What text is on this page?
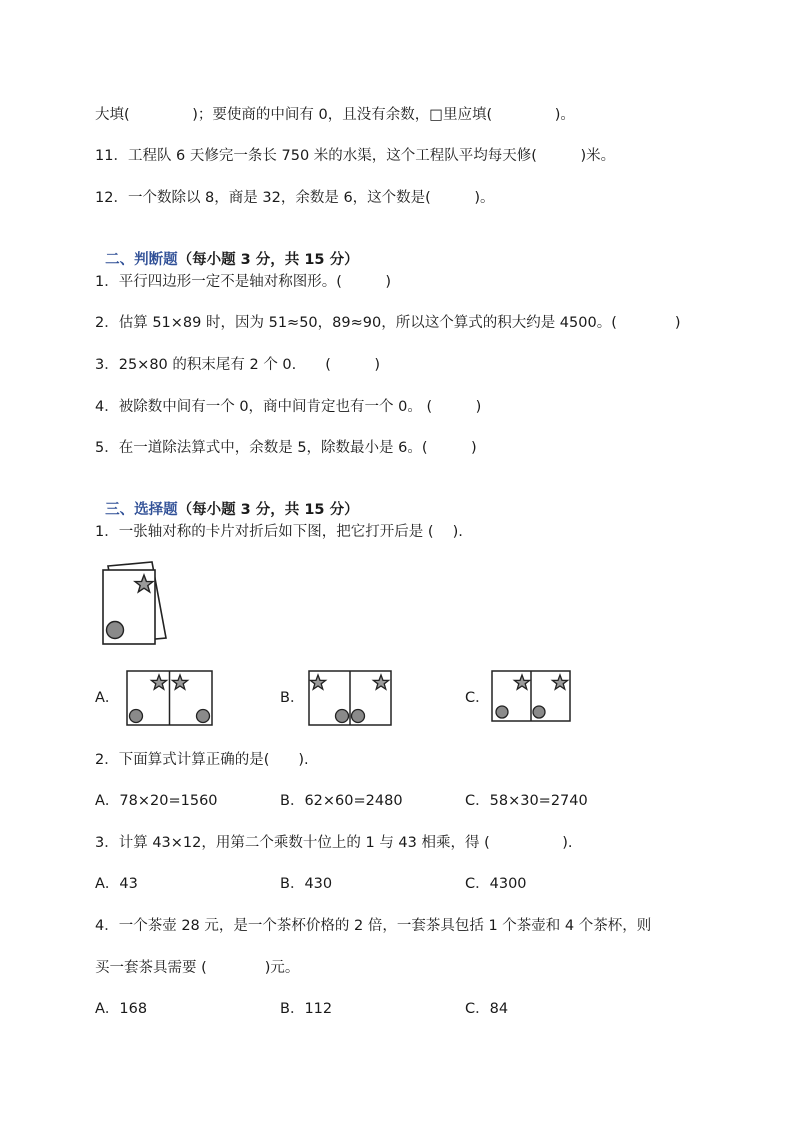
大填(　　　　 )；要使商的中间有 0，且没有余数，□里应填(　　　　 )。
11．工程队 6 天修完一条长 750 米的水渠，这个工程队平均每天修(　　　)米。
12．一个数除以 8，商是 32，余数是 6，这个数是(　　　)。

二、判断题（每小题 3 分，共 15 分）

1．平行四边形一定不是轴对称图形。(　　　)
2．估算 51×89 时，因为 51≈50，89≈90，所以这个算式的积大约是 4500。(　　　　)
3．25×80 的积末尾有 2 个 0.　　(　　　)
4．被除数中间有一个 0，商中间肯定也有一个 0。 (　　　)
5．在一道除法算式中，余数是 5，除数最小是 6。(　　　)

三、选择题（每小题 3 分，共 15 分）

1．一张轴对称的卡片对折后如下图，把它打开后是 (　 ).
A．	B．	C．
2．下面算式计算正确的是(　　).
A．78×20=1560	B．62×60=2480	C．58×30=2740
3．计算 43×12，用第二个乘数十位上的 1 与 43 相乘，得 (　　　　　).
A．43	B．430	C．4300
4．一个茶壶 28 元，是一个茶杯价格的 2 倍，一套茶具包括 1 个茶壶和 4 个茶杯，则
买一套茶具需要 (　　　　)元。
A．168	B．112	C．84
